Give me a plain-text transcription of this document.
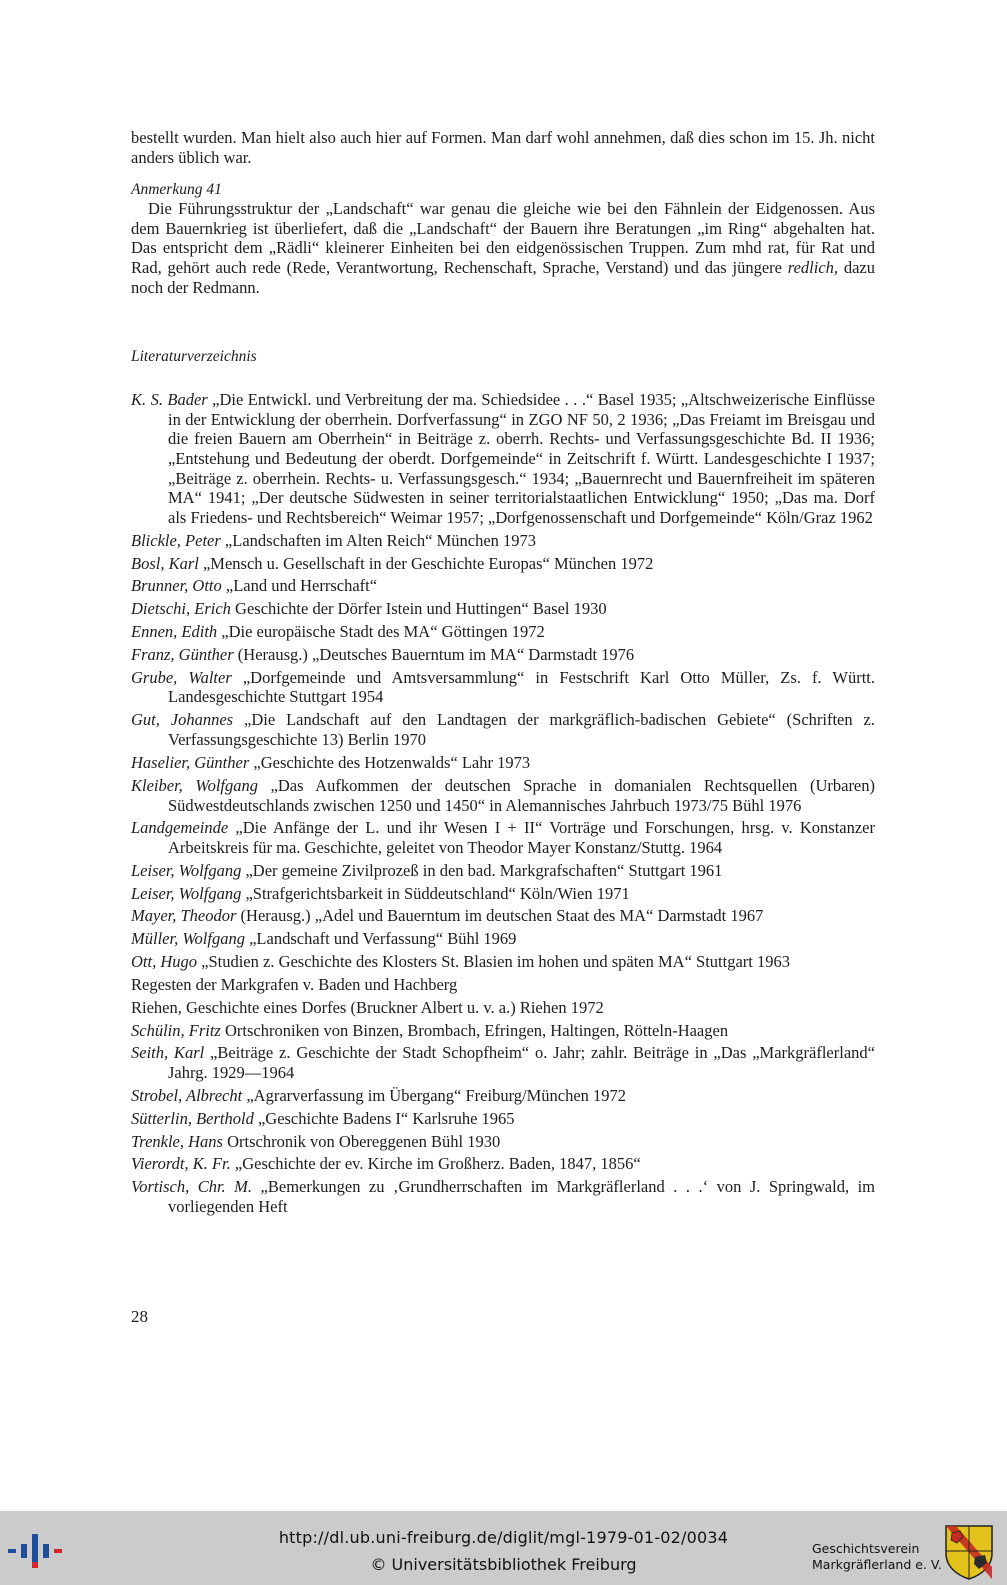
bestellt wurden. Man hielt also auch hier auf Formen. Man darf wohl annehmen, daß dies schon im 15. Jh. nicht anders üblich war.

Anmerkung 41

Die Führungsstruktur der „Landschaft“ war genau die gleiche wie bei den Fähnlein der Eidgenossen. Aus dem Bauernkrieg ist überliefert, daß die „Landschaft“ der Bauern ihre Beratungen „im Ring“ abgehalten hat. Das entspricht dem „Rädli“ kleinerer Einheiten bei den eidgenössischen Truppen. Zum mhd rat, für Rat und Rad, gehört auch rede (Rede, Verantwortung, Rechenschaft, Sprache, Verstand) und das jüngere redlich, dazu noch der Redmann.

Literaturverzeichnis

K. S. Bader „Die Entwickl. und Verbreitung der ma. Schiedsidee . . .“ Basel 1935; „Altschweizerische Einflüsse in der Entwicklung der oberrhein. Dorfverfassung“ in ZGO NF 50, 2 1936; „Das Freiamt im Breisgau und die freien Bauern am Oberrhein“ in Beiträge z. oberrh. Rechts- und Verfassungsgeschichte Bd. II 1936; „Entstehung und Bedeutung der oberdt. Dorfgemeinde“ in Zeitschrift f. Württ. Landesgeschichte I 1937; „Beiträge z. oberrhein. Rechts- u. Verfassungsgesch.“ 1934; „Bauernrecht und Bauernfreiheit im späteren MA“ 1941; „Der deutsche Südwesten in seiner territorialstaatlichen Entwicklung“ 1950; „Das ma. Dorf als Friedens- und Rechtsbereich“ Weimar 1957; „Dorfgenossenschaft und Dorfgemeinde“ Köln/Graz 1962

Blickle, Peter „Landschaften im Alten Reich“ München 1973

Bosl, Karl „Mensch u. Gesellschaft in der Geschichte Europas“ München 1972

Brunner, Otto „Land und Herrschaft“

Dietschi, Erich Geschichte der Dörfer Istein und Huttingen“ Basel 1930

Ennen, Edith „Die europäische Stadt des MA“ Göttingen 1972

Franz, Günther (Herausg.) „Deutsches Bauerntum im MA“ Darmstadt 1976

Grube, Walter „Dorfgemeinde und Amtsversammlung“ in Festschrift Karl Otto Müller, Zs. f. Württ. Landesgeschichte Stuttgart 1954

Gut, Johannes „Die Landschaft auf den Landtagen der markgräflich-badischen Gebiete“ (Schriften z. Verfassungsgeschichte 13) Berlin 1970

Haselier, Günther „Geschichte des Hotzenwalds“ Lahr 1973

Kleiber, Wolfgang „Das Aufkommen der deutschen Sprache in domanialen Rechtsquellen (Urbaren) Südwestdeutschlands zwischen 1250 und 1450“ in Alemannisches Jahrbuch 1973/75 Bühl 1976

Landgemeinde „Die Anfänge der L. und ihr Wesen I + II“ Vorträge und Forschungen, hrsg. v. Konstanzer Arbeitskreis für ma. Geschichte, geleitet von Theodor Mayer Konstanz/Stuttg. 1964

Leiser, Wolfgang „Der gemeine Zivilprozeß in den bad. Markgrafschaften“ Stuttgart 1961

Leiser, Wolfgang „Strafgerichtsbarkeit in Süddeutschland“ Köln/Wien 1971

Mayer, Theodor (Herausg.) „Adel und Bauerntum im deutschen Staat des MA“ Darmstadt 1967

Müller, Wolfgang „Landschaft und Verfassung“ Bühl 1969

Ott, Hugo „Studien z. Geschichte des Klosters St. Blasien im hohen und späten MA“ Stuttgart 1963

Regesten der Markgrafen v. Baden und Hachberg

Riehen, Geschichte eines Dorfes (Bruckner Albert u. v. a.) Riehen 1972

Schülin, Fritz Ortschroniken von Binzen, Brombach, Efringen, Haltingen, Rötteln-Haagen

Seith, Karl „Beiträge z. Geschichte der Stadt Schopfheim“ o. Jahr; zahlr. Beiträge in „Das „Markgräflerland“ Jahrg. 1929—1964

Strobel, Albrecht „Agrarverfassung im Übergang“ Freiburg/München 1972

Sütterlin, Berthold „Geschichte Badens I“ Karlsruhe 1965

Trenkle, Hans Ortschronik von Obereggenen Bühl 1930

Vierordt, K. Fr. „Geschichte der ev. Kirche im Großherz. Baden, 1847, 1856“

Vortisch, Chr. M. „Bemerkungen zu ‚Grundherrschaften im Markgräflerland . . .‘ von J. Springwald, im vorliegenden Heft

28
http://dl.ub.uni-freiburg.de/diglit/mgl-1979-01-02/0034
© Universitätsbibliothek Freiburg
Geschichtsverein
Markgräflerland e. V.
